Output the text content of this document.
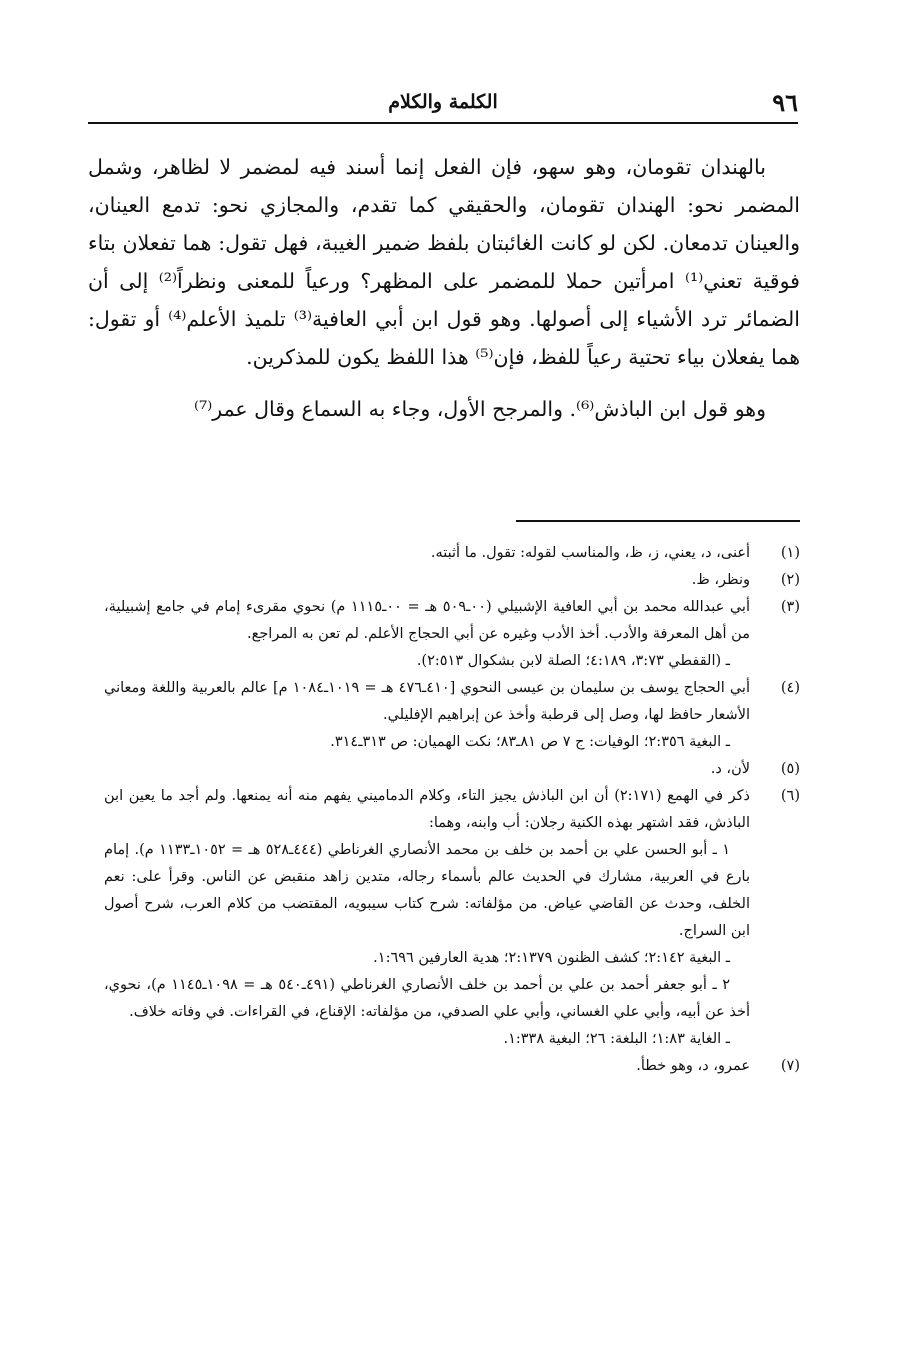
٩٦
الكلمة والكلام

بالهندان تقومان، وهو سهو، فإن الفعل إنما أسند فيه لمضمر لا لظاهر، وشمل المضمر نحو: الهندان تقومان، والحقيقي كما تقدم، والمجازي نحو: تدمع العينان، والعينان تدمعان. لكن لو كانت الغائبتان بلفظ ضمير الغيبة، فهل تقول: هما تفعلان بتاء فوقية تعني⁽¹⁾ امرأتين حملا للمضمر على المظهر؟ ورعياً للمعنى ونظراً⁽²⁾ إلى أن الضمائر ترد الأشياء إلى أصولها. وهو قول ابن أبي العافية⁽³⁾ تلميذ الأعلم⁽⁴⁾ أو تقول: هما يفعلان بياء تحتية رعياً للفظ، فإن⁽⁵⁾ هذا اللفظ يكون للمذكرين.

وهو قول ابن الباذش⁽⁶⁾. والمرجح الأول، وجاء به السماع وقال عمر⁽⁷⁾

(١)

أعنى، د، يعني، ز، ظ، والمناسب لقوله: تقول. ما أثبته.

(٢)

ونظر، ظ.

(٣)

أبي عبدالله محمد بن أبي العافية الإشبيلي (٠٠ـ٥٠٩ هـ = ٠٠ـ١١١٥ م) نحوي مقرىء إمام في جامع إشبيلية، من أهل المعرفة والأدب. أخذ الأدب وغيره عن أبي الحجاج الأعلم. لم تعن به المراجع.

ـ (القفطي ٣:٧٣، ٤:١٨٩؛ الصلة لابن بشكوال ٢:٥١٣).

(٤)

أبي الحجاج يوسف بن سليمان بن عيسى النحوي [٤١٠ـ٤٧٦ هـ = ١٠١٩ـ١٠٨٤ م] عالم بالعربية واللغة ومعاني الأشعار حافظ لها، وصل إلى قرطبة وأخذ عن إبراهيم الإفليلي.

ـ البغية ٢:٣٥٦؛ الوفيات: ج ٧ ص ٨١ـ٨٣؛ نكت الهميان: ص ٣١٣ـ٣١٤.

(٥)

لأن، د.

(٦)

ذكر في الهمع (٢:١٧١) أن ابن الباذش يجيز التاء، وكلام الدماميني يفهم منه أنه يمنعها. ولم أجد ما يعين ابن الباذش، فقد اشتهر بهذه الكنية رجلان: أب وابنه، وهما:

١ ـ أبو الحسن علي بن أحمد بن خلف بن محمد الأنصاري الغرناطي (٤٤٤ـ٥٢٨ هـ = ١٠٥٢ـ١١٣٣ م). إمام بارع في العربية، مشارك في الحديث عالم بأسماء رجاله، متدين زاهد منقبض عن الناس. وقرأ على: نعم الخلف، وحدث عن القاضي عياض. من مؤلفاته: شرح كتاب سيبويه، المقتضب من كلام العرب، شرح أصول ابن السراج.

ـ البغية ٢:١٤٢؛ كشف الظنون ٢:١٣٧٩؛ هدية العارفين ١:٦٩٦.

٢ ـ أبو جعفر أحمد بن علي بن أحمد بن خلف الأنصاري الغرناطي (٤٩١ـ٥٤٠ هـ = ١٠٩٨ـ١١٤٥ م)، نحوي، أخذ عن أبيه، وأبي علي الغساني، وأبي علي الصدفي، من مؤلفاته: الإقناع، في القراءات. في وفاته خلاف.

ـ الغاية ١:٨٣؛ البلغة: ٢٦؛ البغية ١:٣٣٨.

(٧)

عمرو، د، وهو خطأ.
